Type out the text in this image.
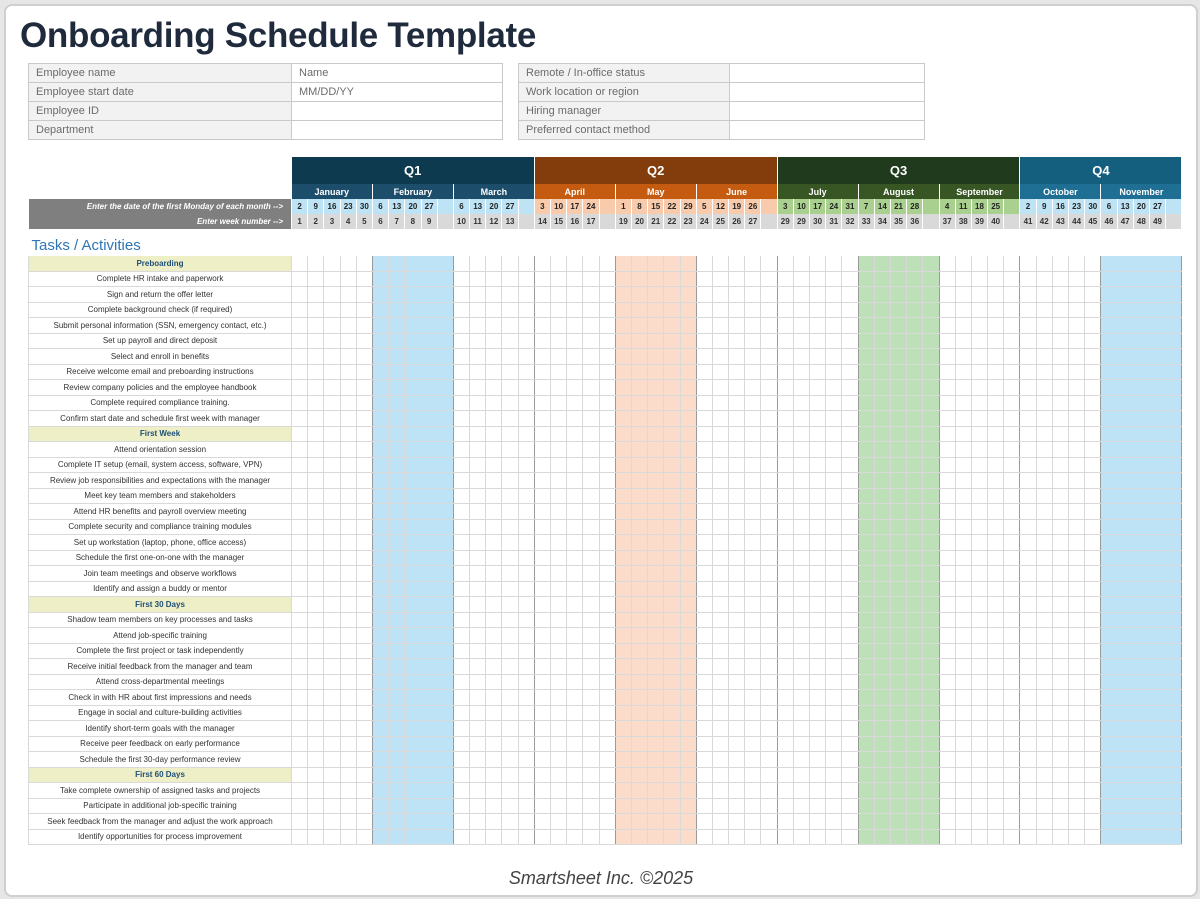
Onboarding Schedule Template
Employee name	Name
Employee start date	MM/DD/YY
Employee ID	
Department	
Remote / In-office status	
Work location or region	
Hiring manager	
Preferred contact method	
	Q1															Q2															Q3															Q4									
	January					February					March					April					May					June					July					August					September					October					November				
Enter the date of the first Monday of each month -->	2	9	16	23	30	6	13	20	27		6	13	20	27		3	10	17	24		1	8	15	22	29	5	12	19	26		3	10	17	24	31	7	14	21	28		4	11	18	25		2	9	16	23	30	6	13	20	27	
Enter week number -->	1	2	3	4	5	6	7	8	9		10	11	12	13		14	15	16	17		19	20	21	22	23	24	25	26	27		29	29	30	31	32	33	34	35	36		37	38	39	40		41	42	43	44	45	46	47	48	49	

Tasks / Activities																																																							
Preboarding																																																							
Complete HR intake and paperwork																																																							
Sign and return the offer letter																																																							
Complete background check (if required)																																																							
Submit personal information (SSN, emergency contact, etc.)																																																							
Set up payroll and direct deposit																																																							
Select and enroll in benefits																																																							
Receive welcome email and preboarding instructions																																																							
Review company policies and the employee handbook																																																							
Complete required compliance training.																																																							
Confirm start date and schedule first week with manager																																																							
First Week																																																							
Attend orientation session																																																							
Complete IT setup (email, system access, software, VPN)																																																							
Review job responsibilities and expectations with the manager																																																							
Meet key team members and stakeholders																																																							
Attend HR benefits and payroll overview meeting																																																							
Complete security and compliance training modules																																																							
Set up workstation (laptop, phone, office access)																																																							
Schedule the first one-on-one with the manager																																																							
Join team meetings and observe workflows																																																							
Identify and assign a buddy or mentor																																																							
First 30 Days																																																							
Shadow team members on key processes and tasks																																																							
Attend job-specific training																																																							
Complete the first project or task independently																																																							
Receive initial feedback from the manager and team																																																							
Attend cross-departmental meetings																																																							
Check in with HR about first impressions and needs																																																							
Engage in social and culture-building activities																																																							
Identify short-term goals with the manager																																																							
Receive peer feedback on early performance																																																							
Schedule the first 30-day performance review																																																							
First 60 Days																																																							
Take complete ownership of assigned tasks and projects																																																							
Participate in additional job-specific training																																																							
Seek feedback from the manager and adjust the work approach																																																							
Identify opportunities for process improvement																																																							
Smartsheet Inc. ©2025
